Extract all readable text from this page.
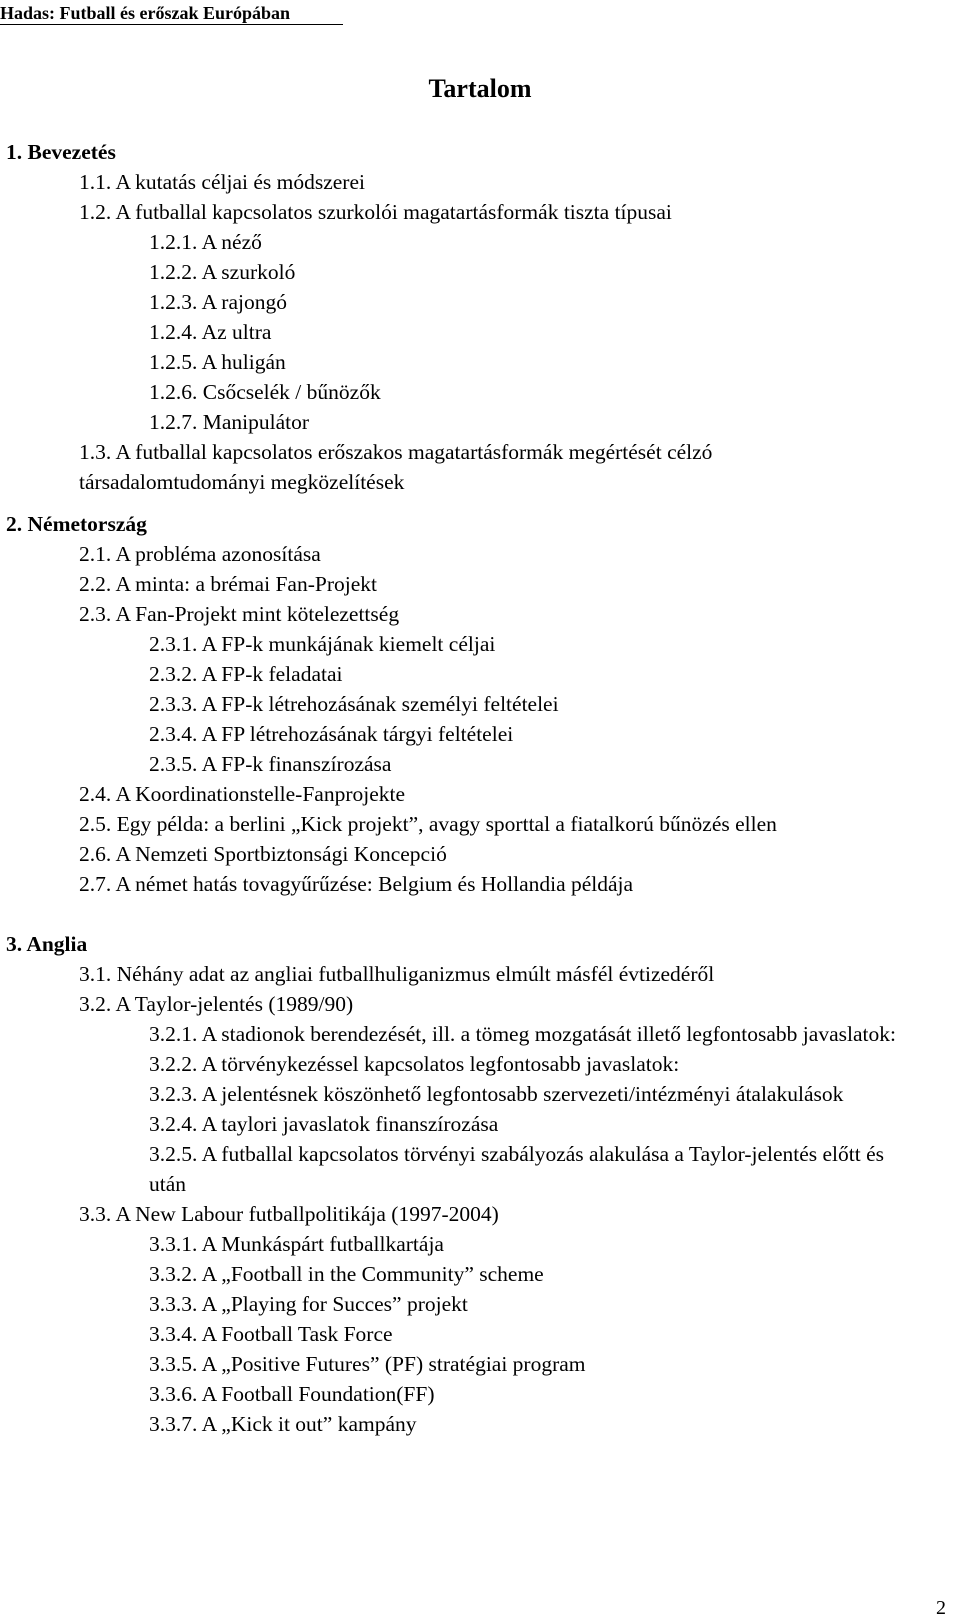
Hadas: Futball és erőszak Európában
Tartalom
1. Bevezetés
1.1. A kutatás céljai és módszerei
1.2. A futballal kapcsolatos szurkolói magatartásformák tiszta típusai
1.2.1. A néző
1.2.2. A szurkoló
1.2.3. A rajongó
1.2.4. Az ultra
1.2.5. A huligán
1.2.6. Csőcselék / bűnözők
1.2.7. Manipulátor
1.3. A futballal kapcsolatos erőszakos magatartásformák megértését célzó társadalomtudományi megközelítések
2. Németország
2.1. A probléma azonosítása
2.2. A minta: a brémai Fan-Projekt
2.3. A Fan-Projekt mint kötelezettség
2.3.1. A FP-k munkájának kiemelt céljai
2.3.2. A FP-k feladatai
2.3.3. A FP-k létrehozásának személyi feltételei
2.3.4. A FP létrehozásának tárgyi feltételei
2.3.5. A FP-k finanszírozása
2.4. A Koordinationstelle-Fanprojekte
2.5. Egy példa: a berlini „Kick projekt”, avagy sporttal a fiatalkorú bűnözés ellen
2.6. A Nemzeti Sportbiztonsági Koncepció
2.7. A német hatás tovagyűrűzése: Belgium és Hollandia példája
3. Anglia
3.1. Néhány adat az angliai futballhuliganizmus elmúlt másfél évtizedéről
3.2. A Taylor-jelentés (1989/90)
3.2.1. A stadionok berendezését, ill. a tömeg mozgatását illető legfontosabb javaslatok:
3.2.2. A törvénykezéssel kapcsolatos legfontosabb javaslatok:
3.2.3. A jelentésnek köszönhető legfontosabb szervezeti/intézményi átalakulások
3.2.4. A taylori javaslatok finanszírozása
3.2.5. A futballal kapcsolatos törvényi szabályozás alakulása a Taylor-jelentés előtt és után
3.3. A New Labour futballpolitikája (1997-2004)
3.3.1. A Munkáspárt futballkartája
3.3.2. A „Football in the Community” scheme
3.3.3. A „Playing for Succes” projekt
3.3.4. A Football Task Force
3.3.5. A „Positive Futures” (PF) stratégiai program
3.3.6. A Football Foundation(FF)
3.3.7. A „Kick it out” kampány
2
